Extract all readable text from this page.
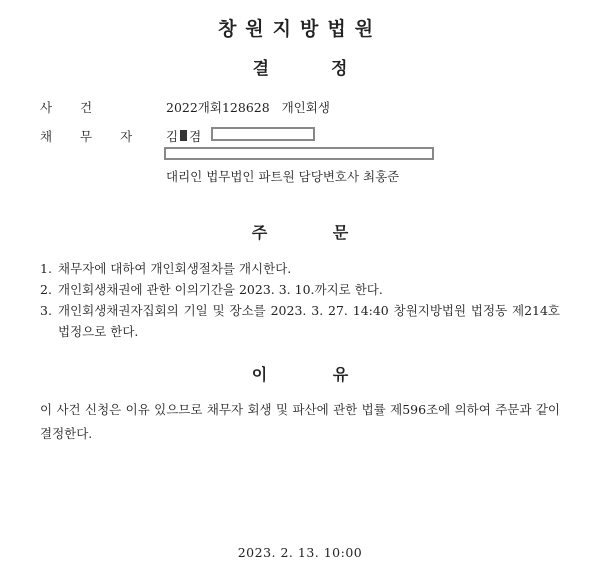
창원지방법원
결 정
사 건	2022개회128628 개인회생
채 무 자	김 겸
대리인 법무법인 파트원 담당변호사 최홍준
주 문
1. 채무자에 대하여 개인회생절차를 개시한다.
2. 개인회생채권에 관한 이의기간을 2023. 3. 10.까지로 한다.
3. 개인회생채권자집회의 기일 및 장소를 2023. 3. 27. 14:40 창원지방법원 법정동 제214호 법정으로 한다.
이 유
이 사건 신청은 이유 있으므로 채무자 회생 및 파산에 관한 법률 제596조에 의하여 주문과 같이 결정한다.
2023. 2. 13. 10:00
